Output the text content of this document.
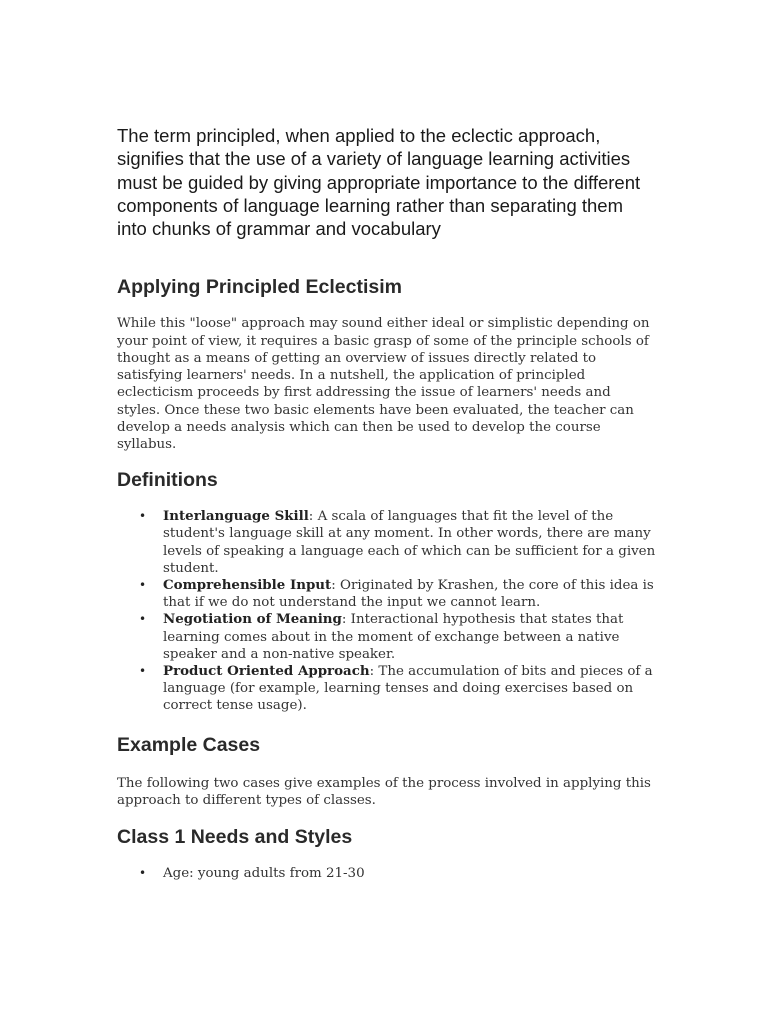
The term principled, when applied to the eclectic approach, signifies that the use of a variety of language learning activities must be guided by giving appropriate importance to the different components of language learning rather than separating them into chunks of grammar and vocabulary

Applying Principled Eclectisim

While this "loose" approach may sound either ideal or simplistic depending on your point of view, it requires a basic grasp of some of the principle schools of thought as a means of getting an overview of issues directly related to satisfying learners' needs. In a nutshell, the application of principled eclecticism proceeds by first addressing the issue of learners' needs and styles. Once these two basic elements have been evaluated, the teacher can develop a needs analysis which can then be used to develop the course syllabus.

Definitions
• Interlanguage Skill: A scala of languages that fit the level of the student's language skill at any moment. In other words, there are many levels of speaking a language each of which can be sufficient for a given student.
• Comprehensible Input: Originated by Krashen, the core of this idea is that if we do not understand the input we cannot learn.
• Negotiation of Meaning: Interactional hypothesis that states that learning comes about in the moment of exchange between a native speaker and a non-native speaker.
• Product Oriented Approach: The accumulation of bits and pieces of a language (for example, learning tenses and doing exercises based on correct tense usage).
Example Cases

The following two cases give examples of the process involved in applying this approach to different types of classes.

Class 1 Needs and Styles
• Age: young adults from 21-30
